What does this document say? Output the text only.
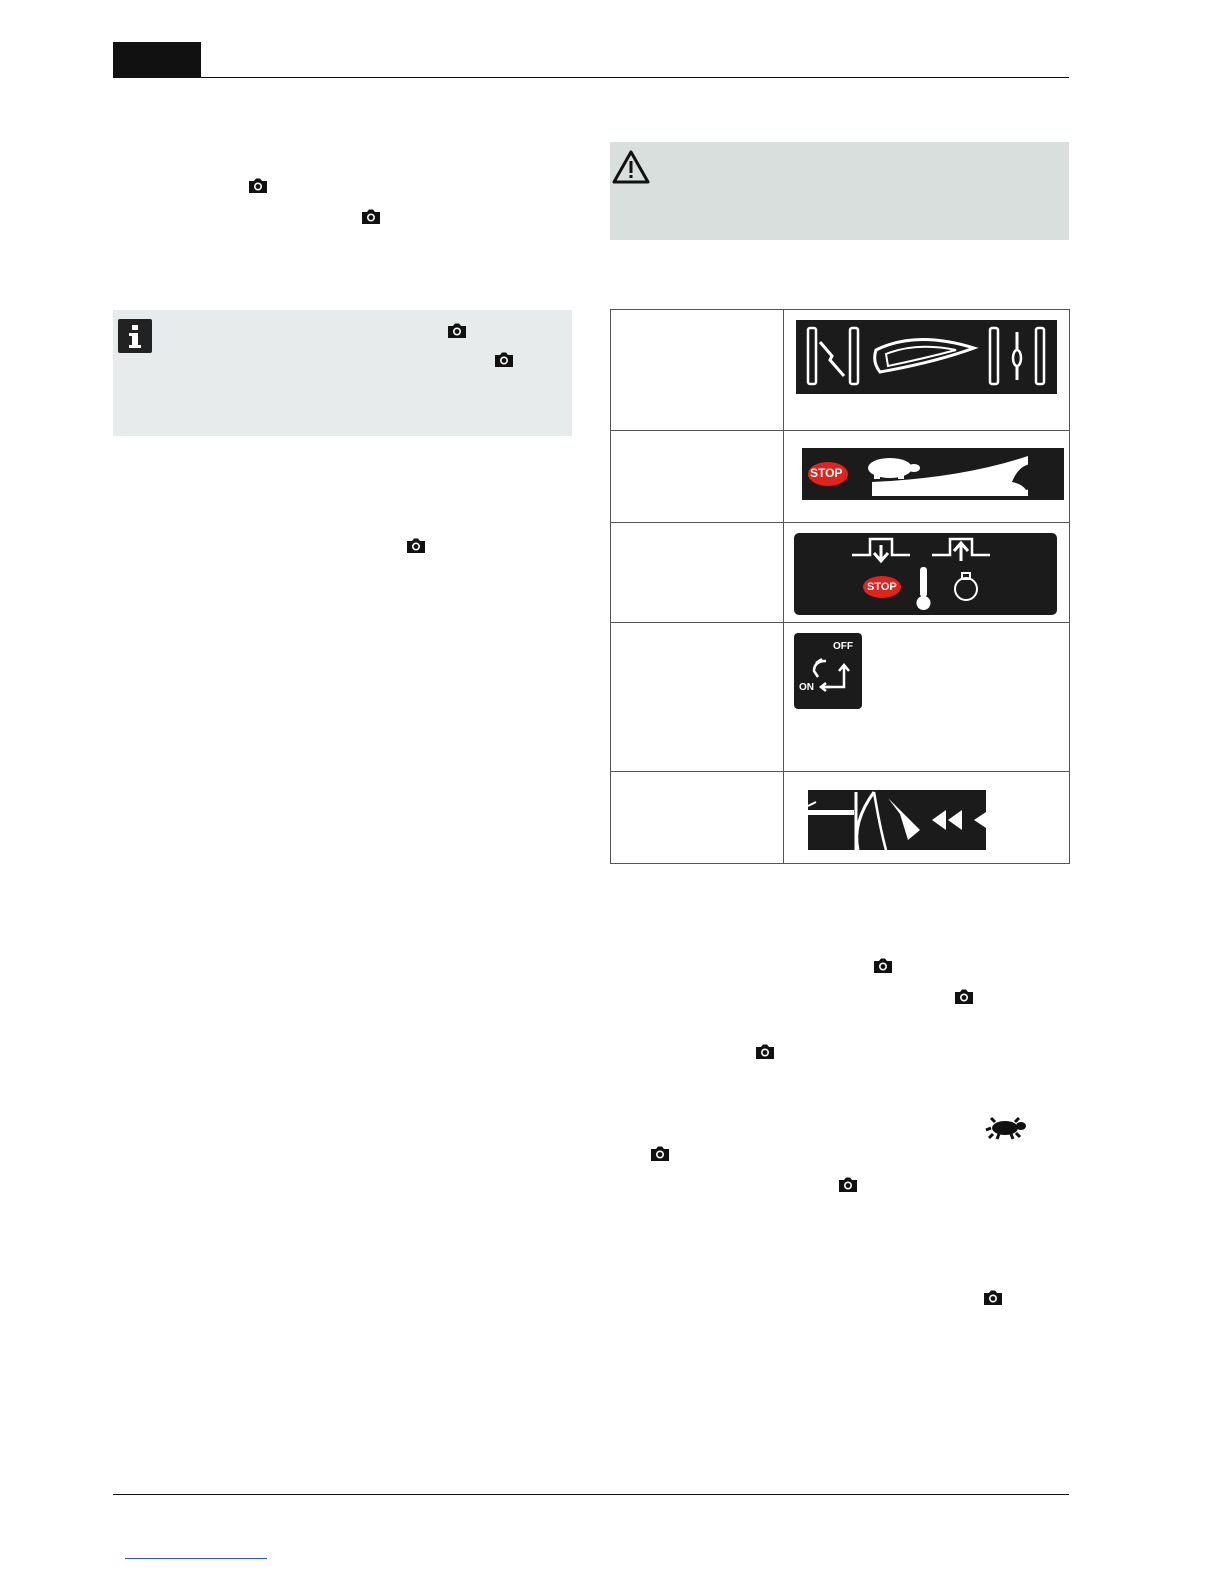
	STOP

	STOP

	OFF
ON
